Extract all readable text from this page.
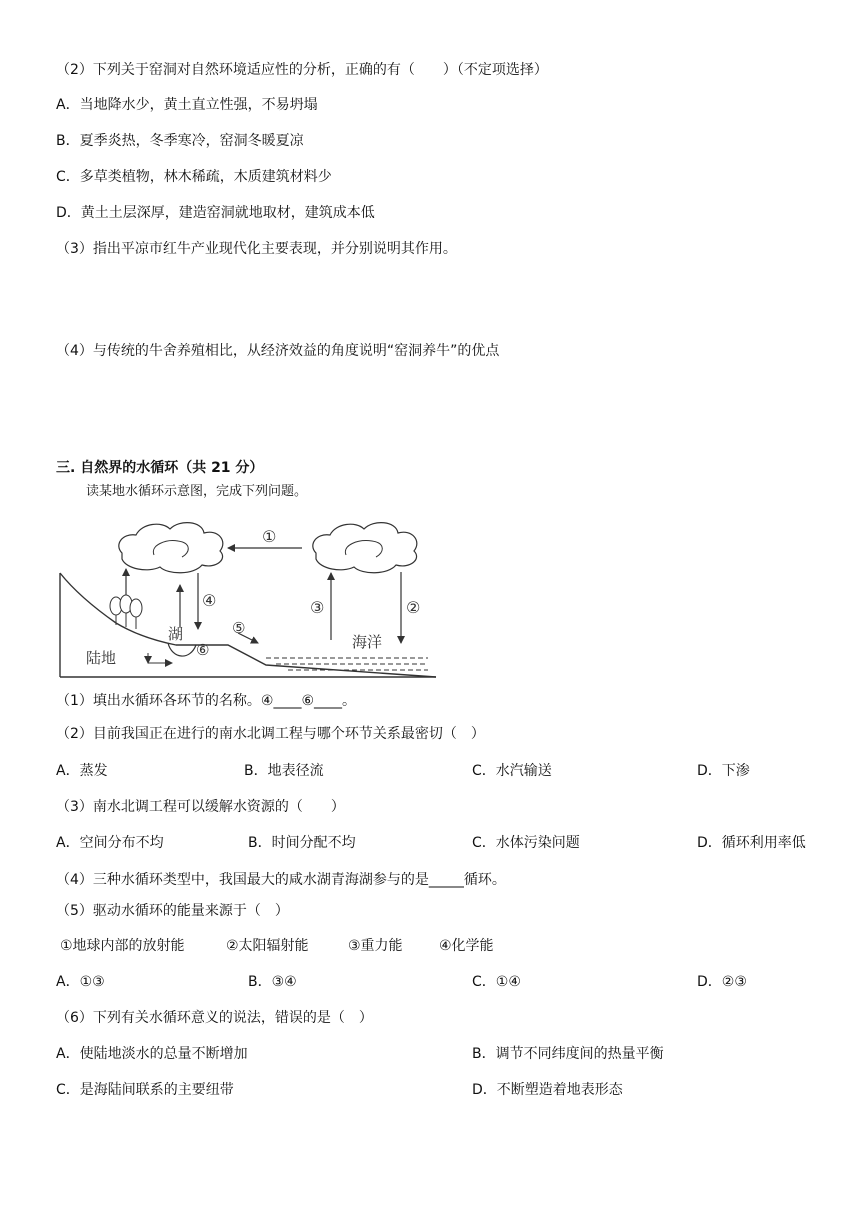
（2）下列关于窑洞对自然环境适应性的分析，正确的有（　　）（不定项选择）
A．当地降水少，黄土直立性强，不易坍塌
B．夏季炎热，冬季寒冷，窑洞冬暖夏凉
C．多草类植物，林木稀疏，木质建筑材料少
D．黄土土层深厚，建造窑洞就地取材，建筑成本低
（3）指出平凉市红牛产业现代化主要表现，并分别说明其作用。
（4）与传统的牛舍养殖相比，从经济效益的角度说明“窑洞养牛”的优点
三. 自然界的水循环（共 21 分）
读某地水循环示意图，完成下列问题。
①
②
③
④
湖	⑤
⑥
陆地
海洋
（1）填出水循环各环节的名称。④____⑥____。
（2）目前我国正在进行的南水北调工程与哪个环节关系最密切（　）
A．蒸发	B．地表径流	C．水汽输送	D．下渗
（3）南水北调工程可以缓解水资源的（　　）
A．空间分布不均	B．时间分配不均	C．水体污染问题	D．循环利用率低
（4）三种水循环类型中，我国最大的咸水湖青海湖参与的是_____循环。
（5）驱动水循环的能量来源于（　）
①地球内部的放射能	②太阳辐射能	③重力能	④化学能
A．①③	B．③④	C．①④	D．②③
（6）下列有关水循环意义的说法，错误的是（　）
A．使陆地淡水的总量不断增加	B．调节不同纬度间的热量平衡
C．是海陆间联系的主要纽带	D．不断塑造着地表形态
